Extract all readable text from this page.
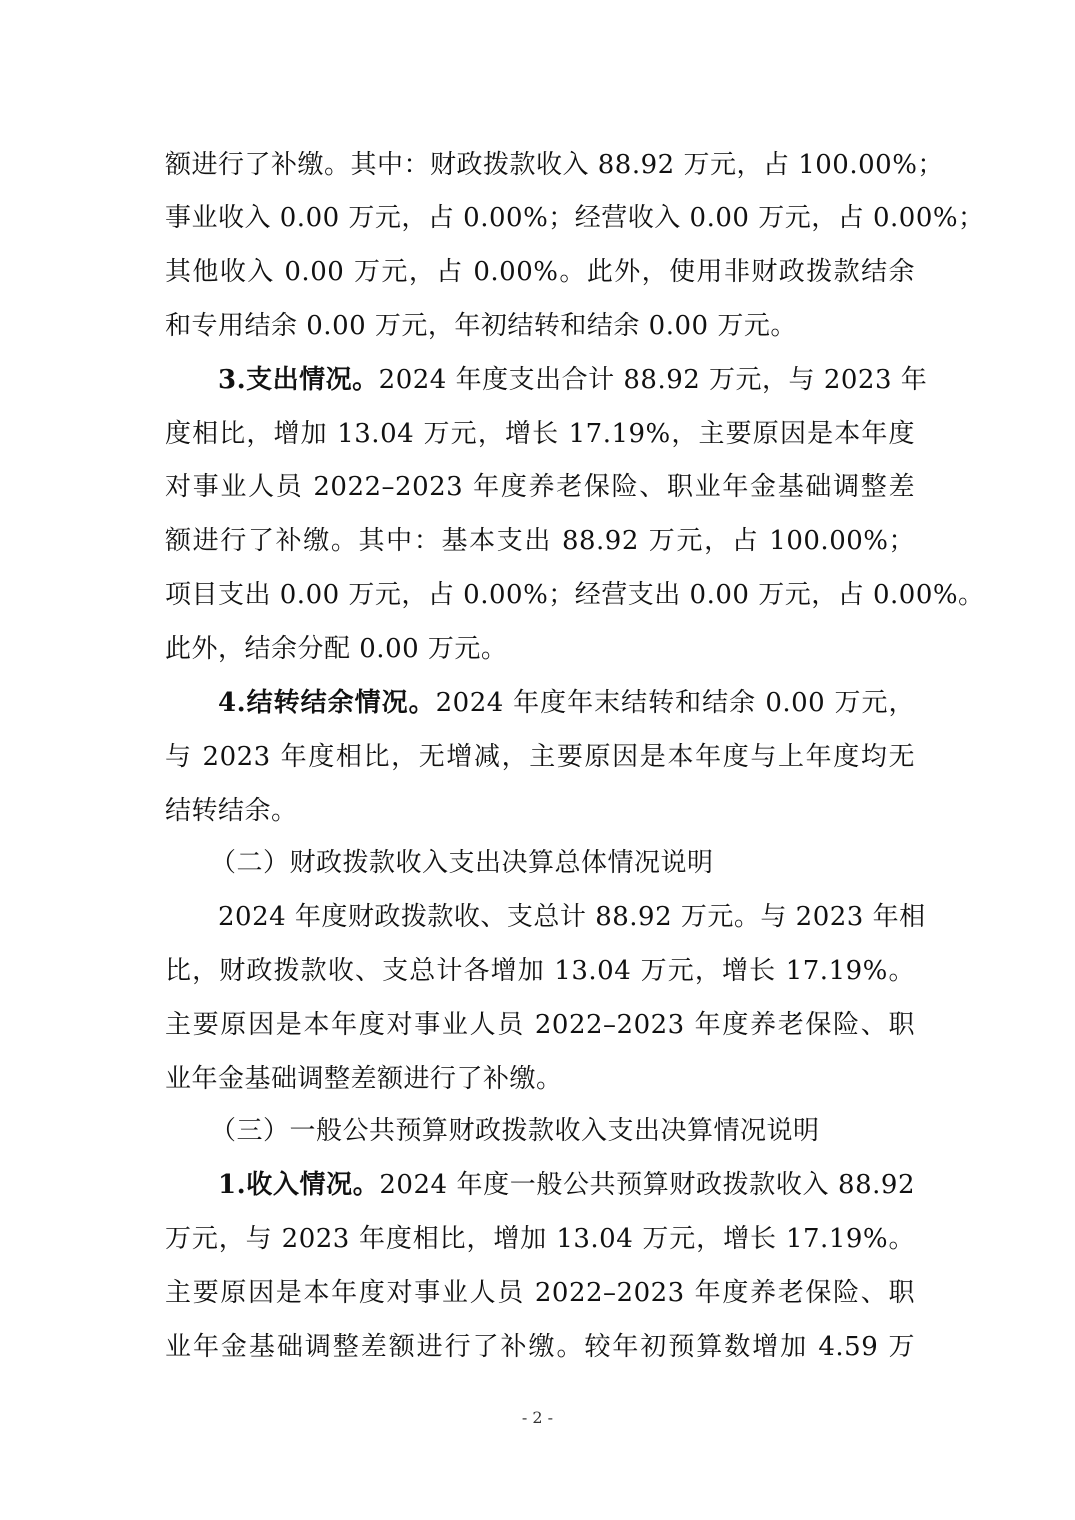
额进行了补缴。其中：财政拨款收入 88.92 万元，占 100.00%；
事业收入 0.00 万元，占 0.00%；经营收入 0.00 万元，占 0.00%；
其他收入 0.00 万元，占 0.00%。此外，使用非财政拨款结余
和专用结余 0.00 万元，年初结转和结余 0.00 万元。
3.支出情况。2024 年度支出合计 88.92 万元，与 2023 年
度相比，增加 13.04 万元，增长 17.19%，主要原因是本年度
对事业人员 2022–2023 年度养老保险、职业年金基础调整差
额进行了补缴。其中：基本支出 88.92 万元，占 100.00%；
项目支出 0.00 万元，占 0.00%；经营支出 0.00 万元，占 0.00%。
此外，结余分配 0.00 万元。
4.结转结余情况。2024 年度年末结转和结余 0.00 万元，
与 2023 年度相比，无增减，主要原因是本年度与上年度均无
结转结余。
（二）财政拨款收入支出决算总体情况说明
2024 年度财政拨款收、支总计 88.92 万元。与 2023 年相
比，财政拨款收、支总计各增加 13.04 万元，增长 17.19%。
主要原因是本年度对事业人员 2022–2023 年度养老保险、职
业年金基础调整差额进行了补缴。
（三）一般公共预算财政拨款收入支出决算情况说明
1.收入情况。2024 年度一般公共预算财政拨款收入 88.92
万元，与 2023 年度相比，增加 13.04 万元，增长 17.19%。
主要原因是本年度对事业人员 2022–2023 年度养老保险、职
业年金基础调整差额进行了补缴。较年初预算数增加 4.59 万
- 2 -
